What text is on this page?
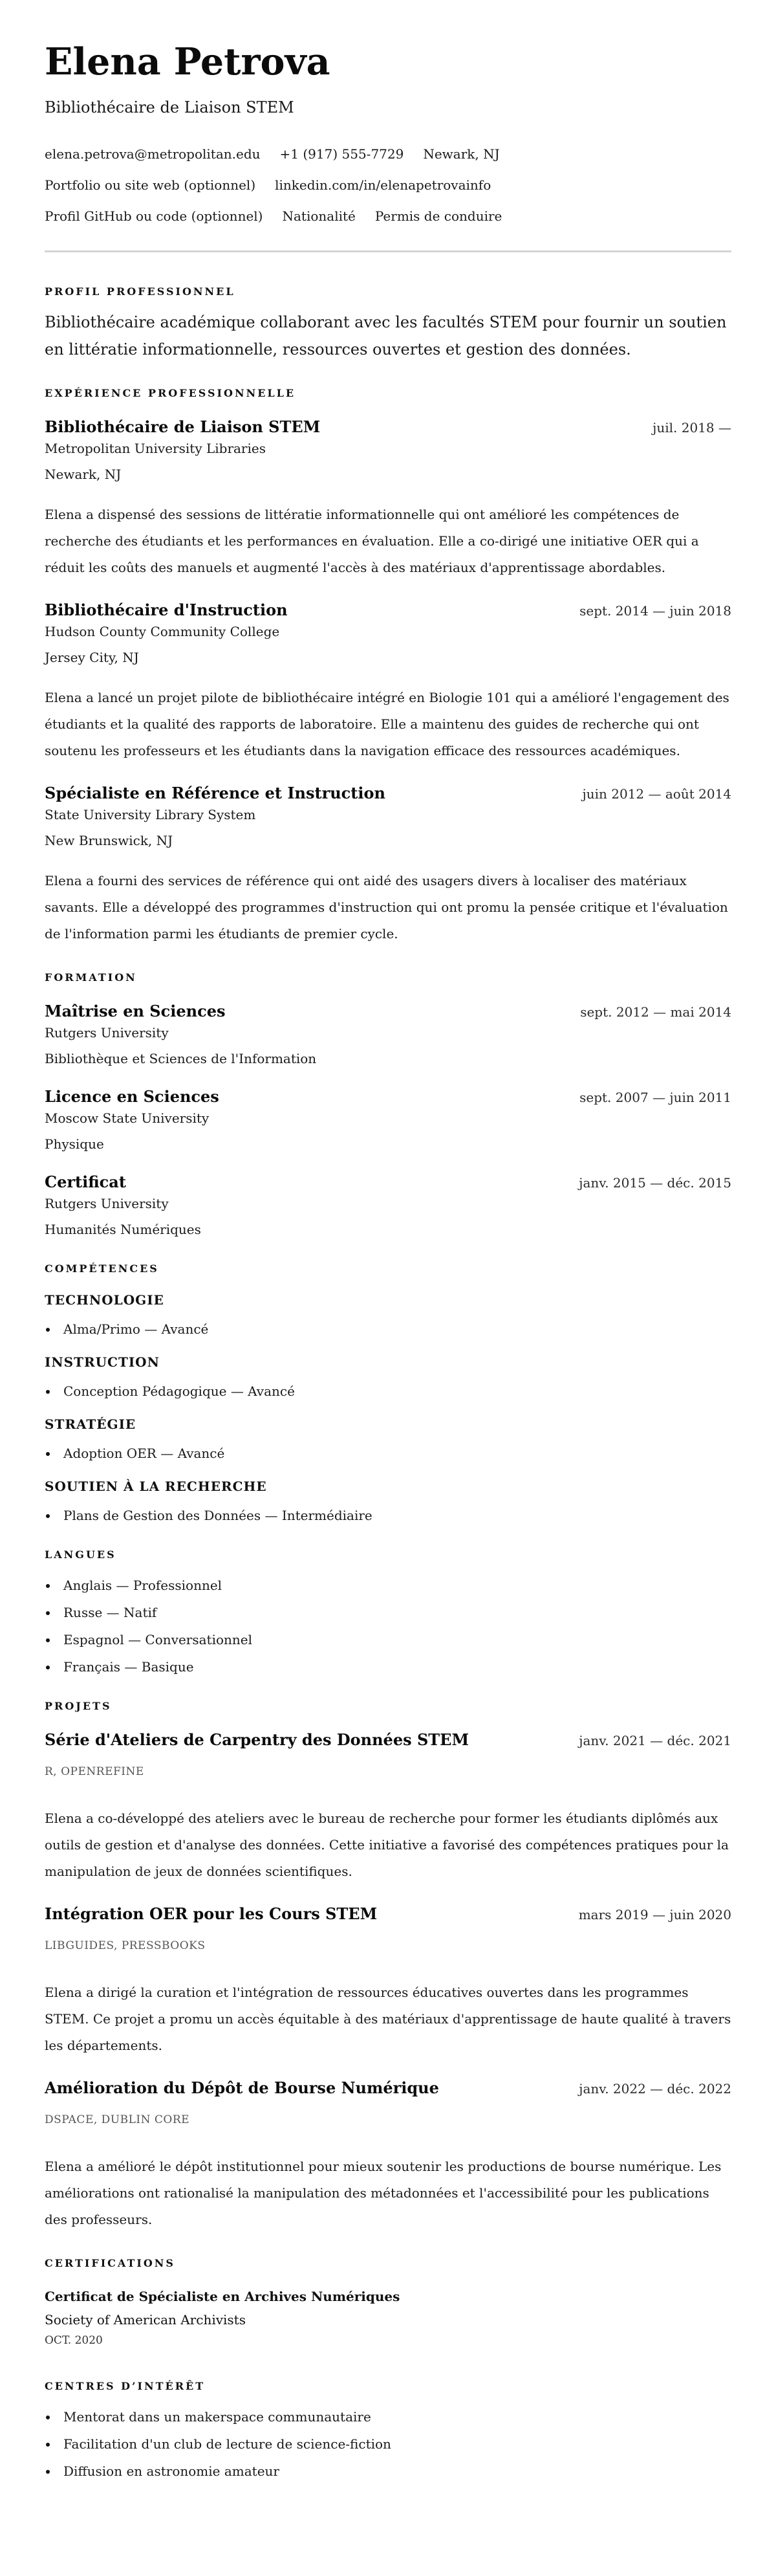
Elena Petrova
Bibliothécaire de Liaison STEM
elena.petrova@metropolitan.edu +1 (917) 555-7729 Newark, NJ
Portfolio ou site web (optionnel) linkedin.com/in/elenapetrovainfo
Profil GitHub ou code (optionnel) Nationalité Permis de conduire
PROFIL PROFESSIONNEL

Bibliothécaire académique collaborant avec les facultés STEM pour fournir un soutien en littératie informationnelle, ressources ouvertes et gestion des données.

EXPÉRIENCE PROFESSIONNELLE
Bibliothécaire de Liaison STEM	juil. 2018 —
Metropolitan University Libraries
Newark, NJ

Elena a dispensé des sessions de littératie informationnelle qui ont amélioré les compétences de recherche des étudiants et les performances en évaluation. Elle a co-dirigé une initiative OER qui a réduit les coûts des manuels et augmenté l'accès à des matériaux d'apprentissage abordables.

Bibliothécaire d'Instruction	sept. 2014 — juin 2018
Hudson County Community College
Jersey City, NJ

Elena a lancé un projet pilote de bibliothécaire intégré en Biologie 101 qui a amélioré l'engagement des étudiants et la qualité des rapports de laboratoire. Elle a maintenu des guides de recherche qui ont soutenu les professeurs et les étudiants dans la navigation efficace des ressources académiques.

Spécialiste en Référence et Instruction	juin 2012 — août 2014
State University Library System
New Brunswick, NJ

Elena a fourni des services de référence qui ont aidé des usagers divers à localiser des matériaux savants. Elle a développé des programmes d'instruction qui ont promu la pensée critique et l'évaluation de l'information parmi les étudiants de premier cycle.

FORMATION
Maîtrise en Sciences	sept. 2012 — mai 2014
Rutgers University
Bibliothèque et Sciences de l'Information
Licence en Sciences	sept. 2007 — juin 2011
Moscow State University
Physique
Certificat	janv. 2015 — déc. 2015
Rutgers University
Humanités Numériques
COMPÉTENCES
TECHNOLOGIE
Alma/Primo — Avancé
INSTRUCTION
Conception Pédagogique — Avancé
STRATÉGIE
Adoption OER — Avancé
SOUTIEN À LA RECHERCHE
Plans de Gestion des Données — Intermédiaire
LANGUES
Anglais — Professionnel
Russe — Natif
Espagnol — Conversationnel
Français — Basique
PROJETS
Série d'Ateliers de Carpentry des Données STEM	janv. 2021 — déc. 2021
R, OPENREFINE

Elena a co-développé des ateliers avec le bureau de recherche pour former les étudiants diplômés aux outils de gestion et d'analyse des données. Cette initiative a favorisé des compétences pratiques pour la manipulation de jeux de données scientifiques.

Intégration OER pour les Cours STEM	mars 2019 — juin 2020
LIBGUIDES, PRESSBOOKS

Elena a dirigé la curation et l'intégration de ressources éducatives ouvertes dans les programmes STEM. Ce projet a promu un accès équitable à des matériaux d'apprentissage de haute qualité à travers les départements.

Amélioration du Dépôt de Bourse Numérique	janv. 2022 — déc. 2022
DSPACE, DUBLIN CORE

Elena a amélioré le dépôt institutionnel pour mieux soutenir les productions de bourse numérique. Les améliorations ont rationalisé la manipulation des métadonnées et l'accessibilité pour les publications des professeurs.

CERTIFICATIONS
Certificat de Spécialiste en Archives Numériques
Society of American Archivists
OCT. 2020
CENTRES D’INTÉRÊT
Mentorat dans un makerspace communautaire
Facilitation d'un club de lecture de science-fiction
Diffusion en astronomie amateur
